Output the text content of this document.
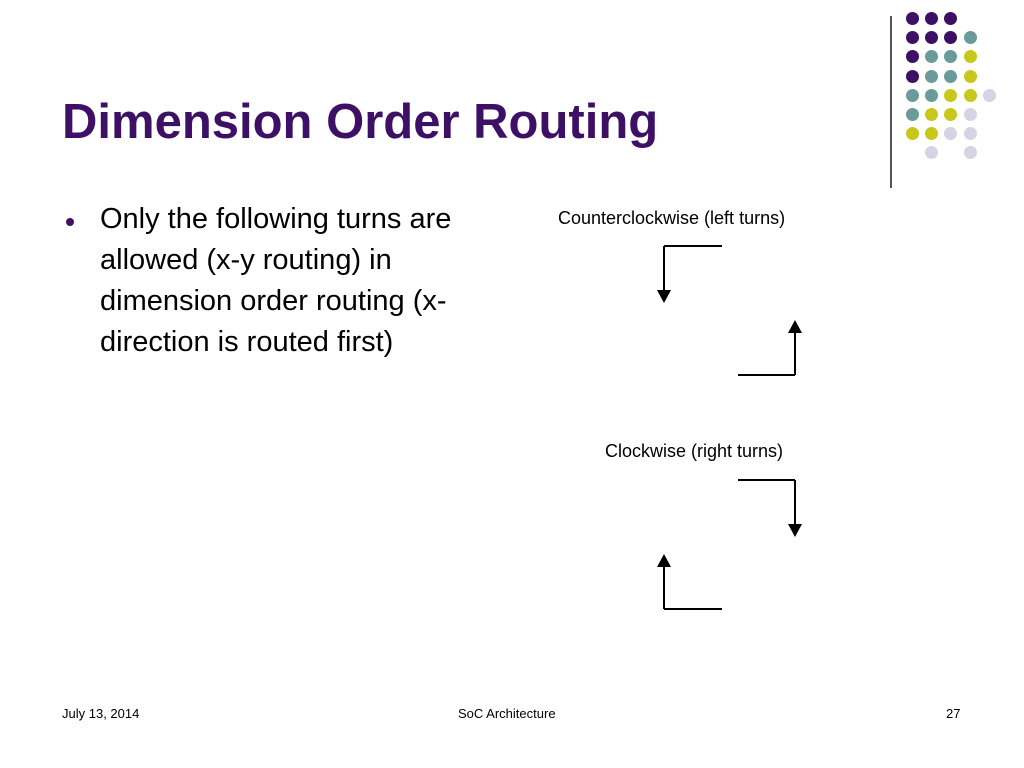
Dimension Order Routing

Only the following turns are allowed (x-y routing) in dimension order routing (x-direction is routed first)

Counterclockwise (left turns)
Clockwise (right turns)
July 13, 2014	SoC Architecture	27
